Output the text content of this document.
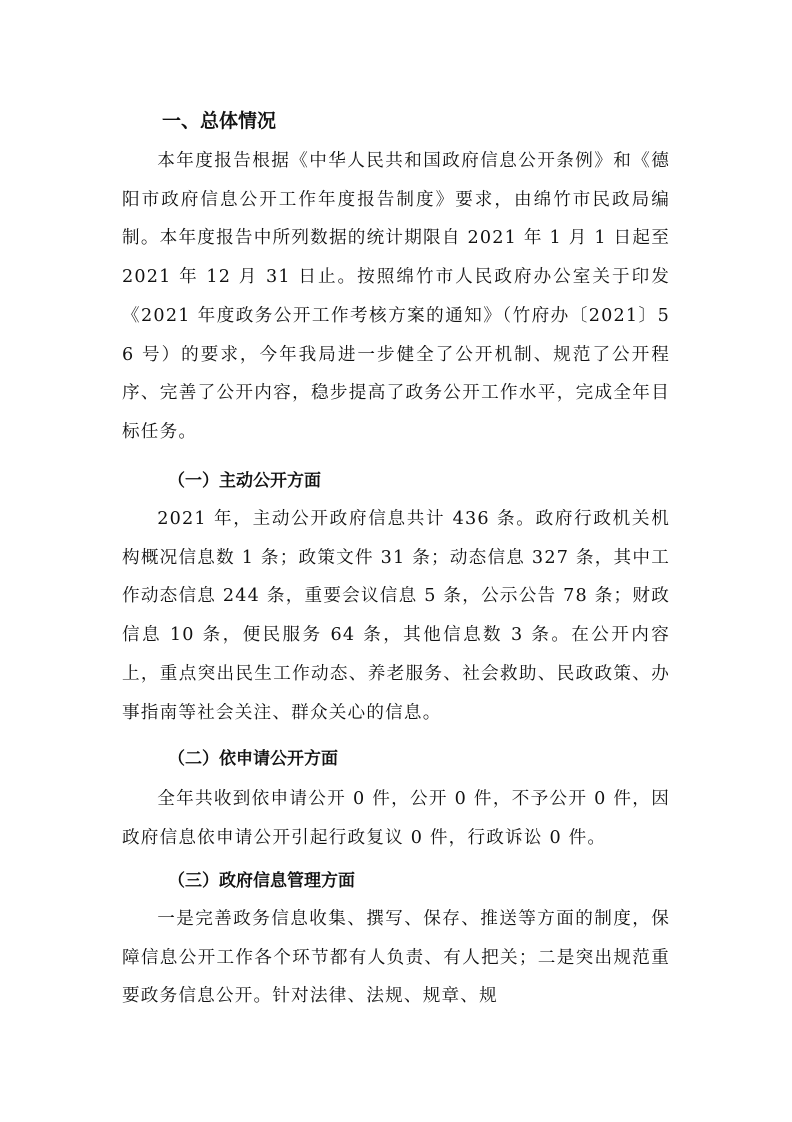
一、总体情况

本年度报告根据《中华人民共和国政府信息公开条例》和《德阳市政府信息公开工作年度报告制度》要求，由绵竹市民政局编制。本年度报告中所列数据的统计期限自 2021 年 1 月 1 日起至 2021 年 12 月 31 日止。按照绵竹市人民政府办公室关于印发《2021 年度政务公开工作考核方案的通知》（竹府办〔2021〕56 号）的要求，今年我局进一步健全了公开机制、规范了公开程序、完善了公开内容，稳步提高了政务公开工作水平，完成全年目标任务。

（一）主动公开方面

2021 年，主动公开政府信息共计 436 条。政府行政机关机构概况信息数 1 条；政策文件 31 条；动态信息 327 条，其中工作动态信息 244 条，重要会议信息 5 条，公示公告 78 条；财政信息 10 条，便民服务 64 条，其他信息数 3 条。在公开内容上，重点突出民生工作动态、养老服务、社会救助、民政政策、办事指南等社会关注、群众关心的信息。

（二）依申请公开方面

全年共收到依申请公开 0 件，公开 0 件，不予公开 0 件，因政府信息依申请公开引起行政复议 0 件，行政诉讼 0 件。

（三）政府信息管理方面

一是完善政务信息收集、撰写、保存、推送等方面的制度，保障信息公开工作各个环节都有人负责、有人把关；二是突出规范重要政务信息公开。针对法律、法规、规章、规
